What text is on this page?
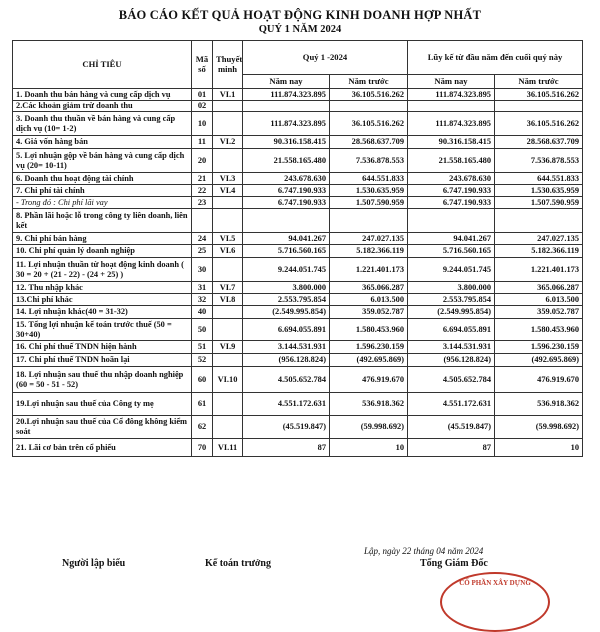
BÁO CÁO KẾT QUẢ HOẠT ĐỘNG KINH DOANH HỢP NHẤT
QUÝ 1 NĂM 2024
CHỈ TIÊU	Mã số	Thuyết minh	Quý 1 -2024		Lũy kế từ đầu năm đến cuối quý này	
			Năm nay	Năm trước	Năm nay	Năm trước
1. Doanh thu bán hàng và cung cấp dịch vụ	01	VI.1	111.874.323.895	36.105.516.262	111.874.323.895	36.105.516.262
2.Các khoản giảm trừ doanh thu	02					
3. Doanh thu thuần về bán hàng và cung cấp dịch vụ (10= 1-2)	10		111.874.323.895	36.105.516.262	111.874.323.895	36.105.516.262
4. Giá vốn hàng bán	11	VI.2	90.316.158.415	28.568.637.709	90.316.158.415	28.568.637.709
5. Lợi nhuận gộp về bán hàng và cung cấp dịch vụ (20= 10-11)	20		21.558.165.480	7.536.878.553	21.558.165.480	7.536.878.553
6. Doanh thu hoạt động tài chính	21	VI.3	243.678.630	644.551.833	243.678.630	644.551.833
7. Chi phí tài chính	22	VI.4	6.747.190.933	1.530.635.959	6.747.190.933	1.530.635.959
- Trong đó : Chi phí lãi vay	23		6.747.190.933	1.507.590.959	6.747.190.933	1.507.590.959
8. Phần lãi hoặc lỗ trong công ty liên doanh, liên kết						
9. Chi phí bán hàng	24	VI.5	94.041.267	247.027.135	94.041.267	247.027.135
10. Chi phí quản lý doanh nghiệp	25	VI.6	5.716.560.165	5.182.366.119	5.716.560.165	5.182.366.119
11. Lợi nhuận thuần từ hoạt động kinh doanh ( 30 = 20 + (21 - 22) - (24 + 25) )	30		9.244.051.745	1.221.401.173	9.244.051.745	1.221.401.173
12. Thu nhập khác	31	VI.7	3.800.000	365.066.287	3.800.000	365.066.287
13.Chi phí khác	32	VI.8	2.553.795.854	6.013.500	2.553.795.854	6.013.500
14. Lợi nhuận khác(40 = 31-32)	40		(2.549.995.854)	359.052.787	(2.549.995.854)	359.052.787
15. Tổng lợi nhuận kế toán trước thuế (50 = 30+40)	50		6.694.055.891	1.580.453.960	6.694.055.891	1.580.453.960
16. Chi phí thuế TNDN hiện hành	51	VI.9	3.144.531.931	1.596.230.159	3.144.531.931	1.596.230.159
17. Chi phí thuế TNDN hoãn lại	52		(956.128.824)	(492.695.869)	(956.128.824)	(492.695.869)
18. Lợi nhuận sau thuế thu nhập doanh nghiệp (60 = 50 - 51 - 52)	60	VI.10	4.505.652.784	476.919.670	4.505.652.784	476.919.670
19.Lợi nhuận sau thuế của Công ty mẹ	61		4.551.172.631	536.918.362	4.551.172.631	536.918.362
20.Lợi nhuận sau thuế của Cổ đông không kiểm soát	62		(45.519.847)	(59.998.692)	(45.519.847)	(59.998.692)
21. Lãi cơ bản trên cổ phiếu	70	VI.11	87	10	87	10
Lập, ngày 22 tháng 04 năm 2024
Người lập biểu	Kế toán trưởng	Tổng Giám Đốc
CỔ PHẦN XÂY DỰNG
